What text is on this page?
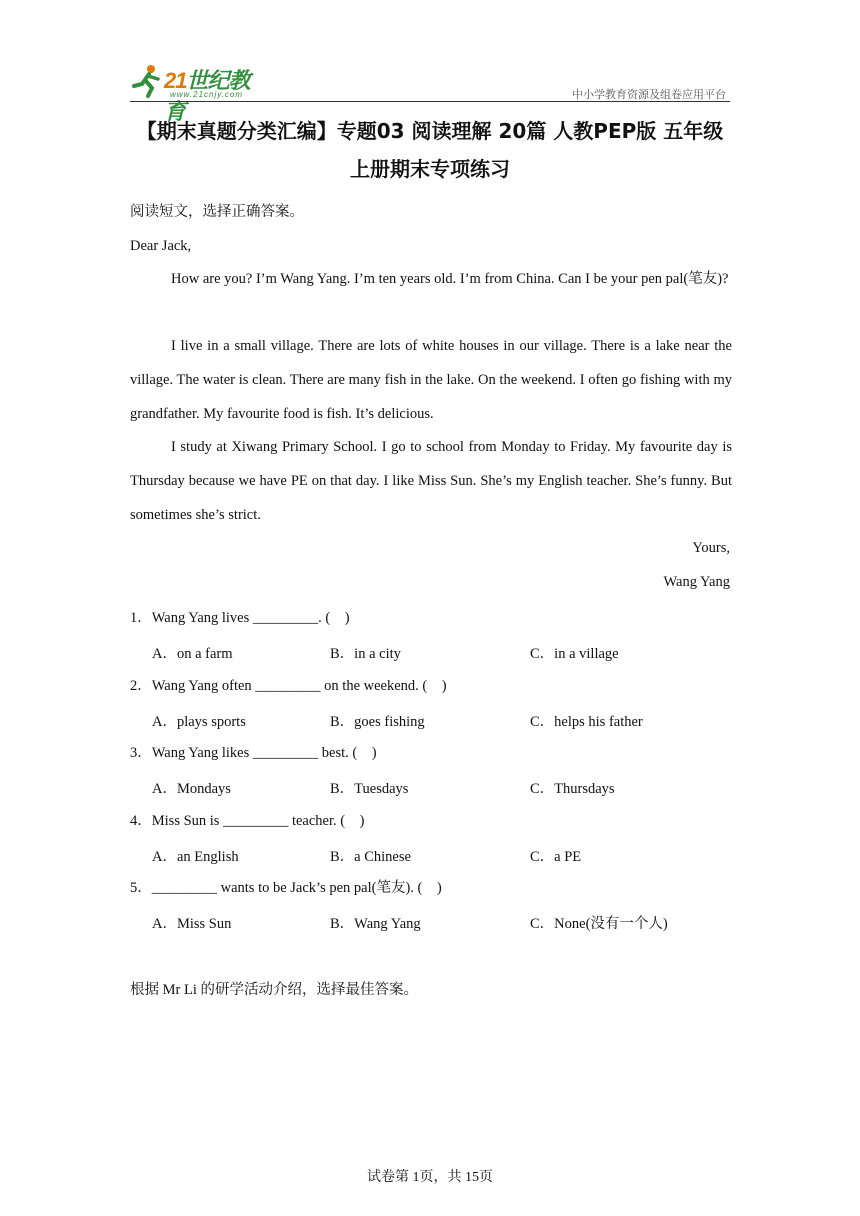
21世纪教育
www.21cnjy.com	中小学教育资源及组卷应用平台
【期末真题分类汇编】专题03 阅读理解 20篇 人教PEP版 五年级上册期末专项练习
阅读短文，选择正确答案。
Dear Jack,
How are you? I’m Wang Yang. I’m ten years old. I’m from China. Can I be your pen pal(笔友)?
I live in a small village. There are lots of white houses in our village. There is a lake near the village. The water is clean. There are many fish in the lake. On the weekend. I often go fishing with my grandfather. My favourite food is fish. It’s delicious.
I study at Xiwang Primary School. I go to school from Monday to Friday. My favourite day is Thursday because we have PE on that day. I like Miss Sun. She’s my English teacher. She’s funny. But sometimes she’s strict.
Yours,
Wang Yang
1．Wang Yang lives _________. (　)
A．on a farm	B．in a city	C．in a village
2．Wang Yang often _________ on the weekend. (　)
A．plays sports	B．goes fishing	C．helps his father
3．Wang Yang likes _________ best. (　)
A．Mondays	B．Tuesdays	C．Thursdays
4．Miss Sun is _________ teacher. (　)
A．an English	B．a Chinese	C．a PE
5．_________ wants to be Jack’s pen pal(笔友). (　)
A．Miss Sun	B．Wang Yang	C．None(没有一个人)
根据 Mr Li 的研学活动介绍，选择最佳答案。
试卷第 1页，共 15页
